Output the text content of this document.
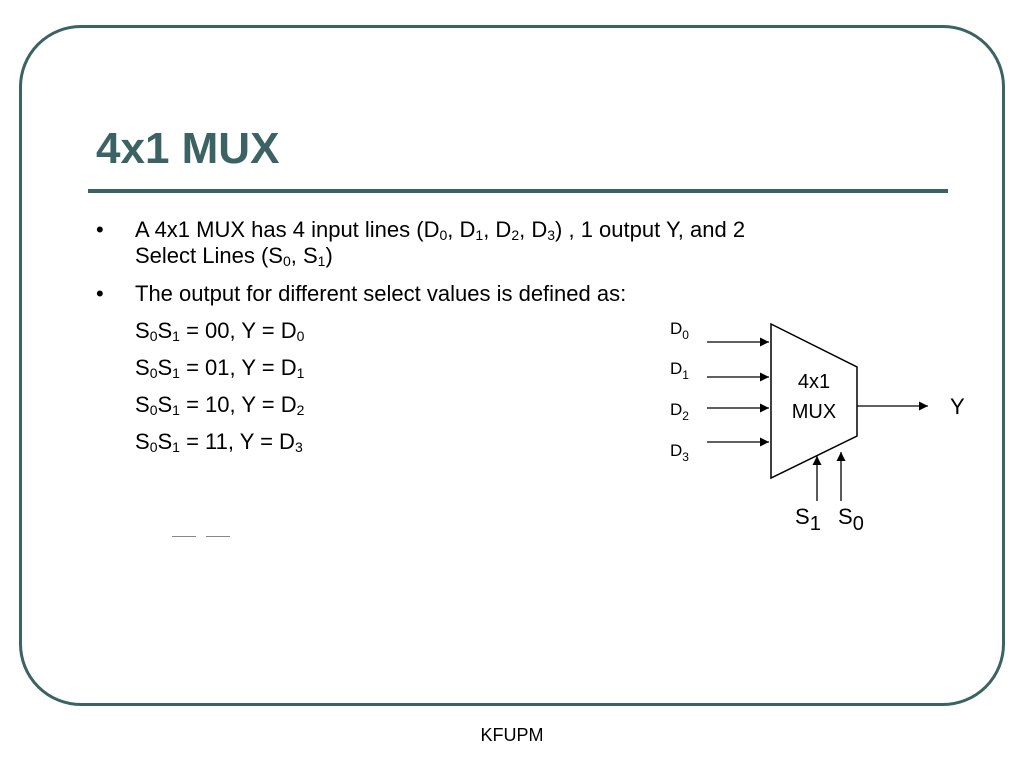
4x1 MUX
•	A 4x1 MUX has 4 input lines ($D_0$, $D_1$, $D_2$, $D_3$) , 1 output Y, and 2
Select Lines ($S_0$, $S_1$)
•	The output for different select values is defined as:
$S_0S_1 = 00$, $Y = D_0$
$S_0S_1 = 01$, $Y = D_1$
$S_0S_1 = 10$, $Y = D_2$
$S_0S_1 = 11$, $Y = D_3$
4x1
MUX
$D_0$
$D_1$
$D_2$
$D_3$
Y
S1 S0
KFUPM
